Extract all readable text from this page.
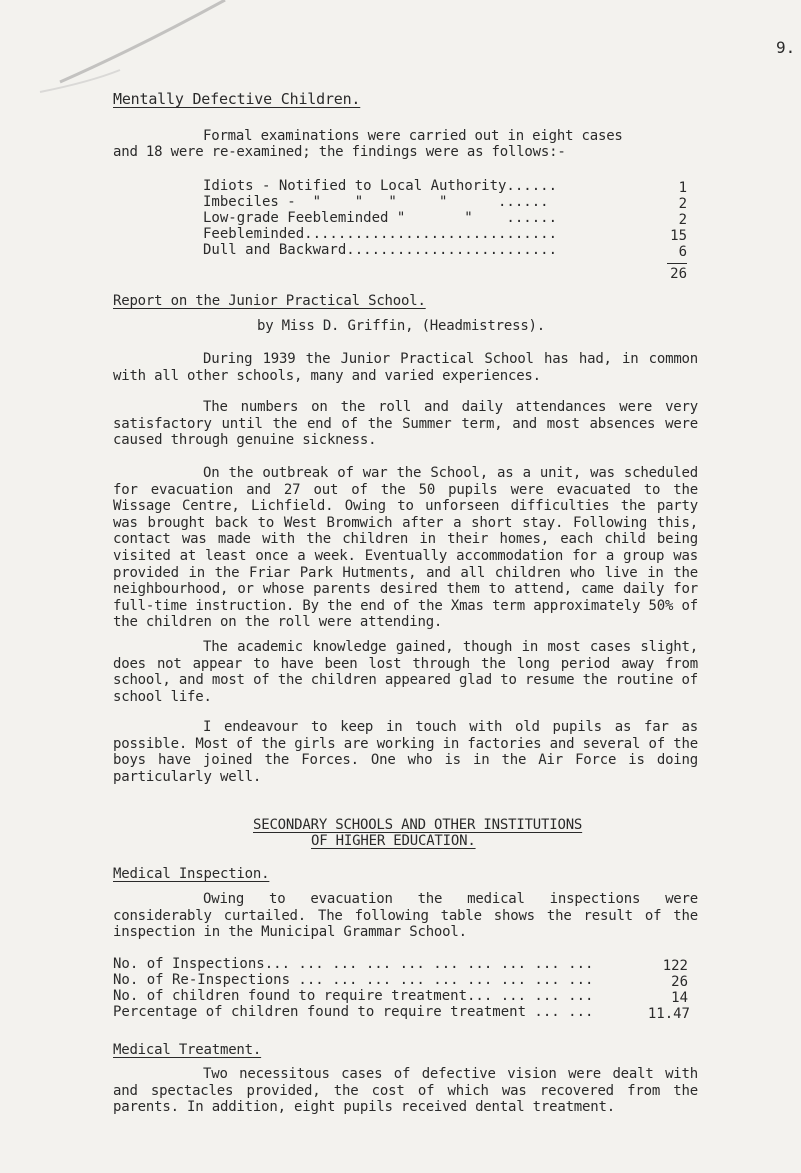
9.
Mentally Defective Children.
Formal examinations were carried out in eight cases
and 18 were re-examined; the findings were as follows:-
Idiots - Notified to Local Authority......	1
Imbeciles -  "    "   "     "      ......	2
Low-grade Feebleminded "       "    ......	2
Feebleminded..............................	15
Dull and Backward.........................	6
26
Report on the Junior Practical School.
by Miss D. Griffin, (Headmistress).
During 1939 the Junior Practical School has had, in common with all other schools, many and varied experiences.
The numbers on the roll and daily attendances were very satisfactory until the end of the Summer term, and most absences were caused through genuine sickness.
On the outbreak of war the School, as a unit, was scheduled for evacuation and 27 out of the 50 pupils were evacuated to the Wissage Centre, Lichfield. Owing to unforseen difficulties the party was brought back to West Bromwich after a short stay. Following this, contact was made with the children in their homes, each child being visited at least once a week. Eventually accommodation for a group was provided in the Friar Park Hutments, and all children who live in the neighbourhood, or whose parents desired them to attend, came daily for full-time instruction. By the end of the Xmas term approximately 50% of the children on the roll were attending.
The academic knowledge gained, though in most cases slight, does not appear to have been lost through the long period away from school, and most of the children appeared glad to resume the routine of school life.
I endeavour to keep in touch with old pupils as far as possible. Most of the girls are working in factories and several of the boys have joined the Forces. One who is in the Air Force is doing particularly well.
SECONDARY SCHOOLS AND OTHER INSTITUTIONS
OF HIGHER EDUCATION.
Medical Inspection.
Owing to evacuation the medical inspections were considerably curtailed. The following table shows the result of the inspection in the Municipal Grammar School.
No. of Inspections... ... ... ... ... ... ... ... ... ...	122
No. of Re-Inspections ... ... ... ... ... ... ... ... ...	26
No. of children found to require treatment... ... ... ...	14
Percentage of children found to require treatment ... ...	11.47
Medical Treatment.
Two necessitous cases of defective vision were dealt with and spectacles provided, the cost of which was recovered from the parents. In addition, eight pupils received dental treatment.
